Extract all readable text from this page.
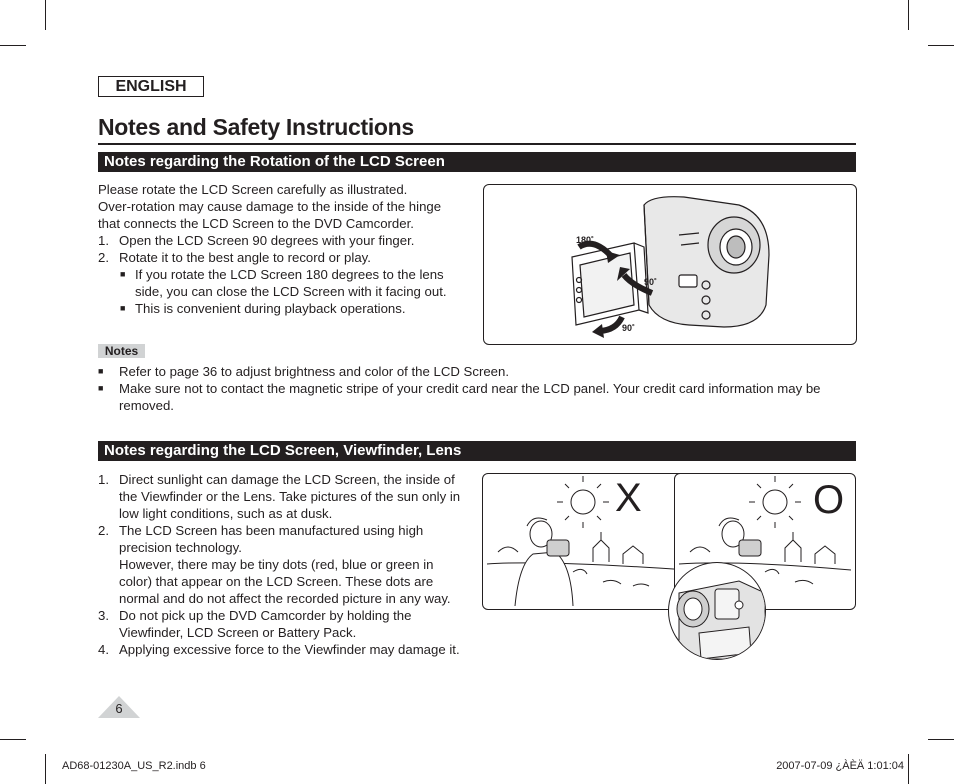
ENGLISH
Notes and Safety Instructions
Notes regarding the Rotation of the LCD Screen

Please rotate the LCD Screen carefully as illustrated.

Over-rotation may cause damage to the inside of the hinge

that connects the LCD Screen to the DVD Camcorder.

1. Open the LCD Screen 90 degrees with your finger.

2. Rotate it to the best angle to record or play.

■ If you rotate the LCD Screen 180 degrees to the lens
side, you can close the LCD Screen with it facing out.

■ This is convenient during playback operations.

180˚
90˚
90˚
Notes

■ Refer to page 36 to adjust brightness and color of the LCD Screen.

■ Make sure not to contact the magnetic stripe of your credit card near the LCD panel. Your credit card information may be
removed.

Notes regarding the LCD Screen, Viewfinder, Lens

1. Direct sunlight can damage the LCD Screen, the inside of
the Viewfinder or the Lens. Take pictures of the sun only in
low light conditions, such as at dusk.

2. The LCD Screen has been manufactured using high
precision technology.
However, there may be tiny dots (red, blue or green in
color) that appear on the LCD Screen. These dots are
normal and do not affect the recorded picture in any way.

3. Do not pick up the DVD Camcorder by holding the
Viewfinder, LCD Screen or Battery Pack.

4. Applying excessive force to the Viewfinder may damage it.

X	O
6
AD68-01230A_US_R2.indb 6	2007-07-09 ¿ÀÈÄ 1:01:04
